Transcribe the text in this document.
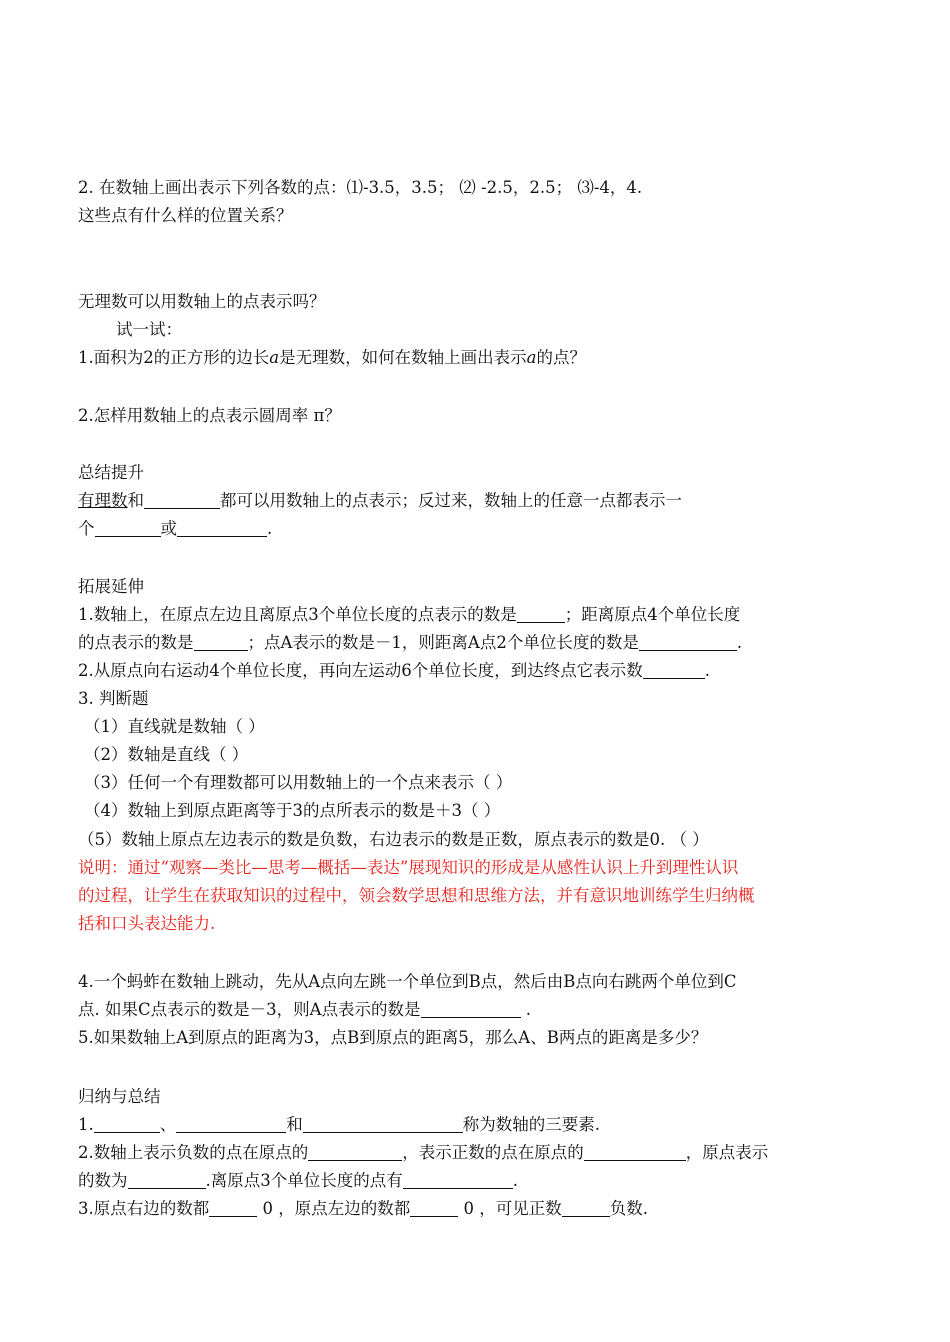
2. 在数轴上画出表示下列各数的点：⑴-3.5，3.5； ⑵ -2.5，2.5； ⑶-4，4.
这些点有什么样的位置关系？
无理数可以用数轴上的点表示吗？
试一试：
1.面积为2的正方形的边长a是无理数，如何在数轴上画出表示a的点？
2.怎样用数轴上的点表示圆周率 π？
总结提升
有理数和	都可以用数轴上的点表示；反过来，数轴上的任意一点都表示一
个	或	.
拓展延伸
1.数轴上，在原点左边且离原点3个单位长度的点表示的数是	；距离原点4个单位长度
的点表示的数是	；点A表示的数是－1，则距离A点2个单位长度的数是	.
2.从原点向右运动4个单位长度，再向左运动6个单位长度，到达终点它表示数	.
3. 判断题
（1）直线就是数轴（ ）
（2）数轴是直线（ ）
（3）任何一个有理数都可以用数轴上的一个点来表示（ ）
（4）数轴上到原点距离等于3的点所表示的数是＋3（ ）
（5）数轴上原点左边表示的数是负数，右边表示的数是正数，原点表示的数是0. （ ）
说明：通过“观察—类比—思考—概括—表达”展现知识的形成是从感性认识上升到理性认识
的过程，让学生在获取知识的过程中，领会数学思想和思维方法，并有意识地训练学生归纳概
括和口头表达能力.
4.一个蚂蚱在数轴上跳动，先从A点向左跳一个单位到B点，然后由B点向右跳两个单位到C
点. 如果C点表示的数是－3，则A点表示的数是	.
5.如果数轴上A到原点的距离为3，点B到原点的距离5，那么A、B两点的距离是多少？
归纳与总结
1.	、	和	称为数轴的三要素.
2.数轴上表示负数的点在原点的	，表示正数的点在原点的	，原点表示
的数为	.离原点3个单位长度的点有	.
3.原点右边的数都	0 ，原点左边的数都	0 ，可见正数	负数.
